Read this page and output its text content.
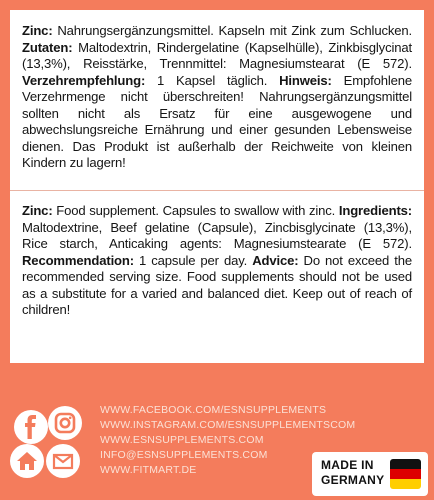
Zinc: Nahrungsergänzungsmittel. Kapseln mit Zink zum Schlucken. Zutaten: Maltodextrin, Rindergelatine (Kapselhülle), Zinkbisglycinat (13,3%), Reisstärke, Trennmittel: Magnesiumstearat (E 572). Verzehrempfehlung: 1 Kapsel täglich. Hinweis: Empfohlene Verzehrmenge nicht überschreiten! Nahrungsergänzungsmittel sollten nicht als Ersatz für eine ausgewogene und abwechslungsreiche Ernährung und einer gesunden Lebensweise dienen. Das Produkt ist außerhalb der Reichweite von kleinen Kindern zu lagern!
Zinc: Food supplement. Capsules to swallow with zinc. Ingredients: Maltodextrine, Beef gelatine (Capsule), Zincbisglycinate (13,3%), Rice starch, Anticaking agents: Magnesiumstearate (E 572). Recommendation: 1 capsule per day. Advice: Do not exceed the recommended serving size. Food supplements should not be used as a substitute for a varied and balanced diet. Keep out of reach of children!
WWW.FACEBOOK.COM/ESNSUPPLEMENTS
WWW.INSTAGRAM.COM/ESNSUPPLEMENTSCOM
WWW.ESNSUPPLEMENTS.COM
INFO@ESNSUPPLEMENTS.COM
WWW.FITMART.DE	MADE IN
GERMANY
